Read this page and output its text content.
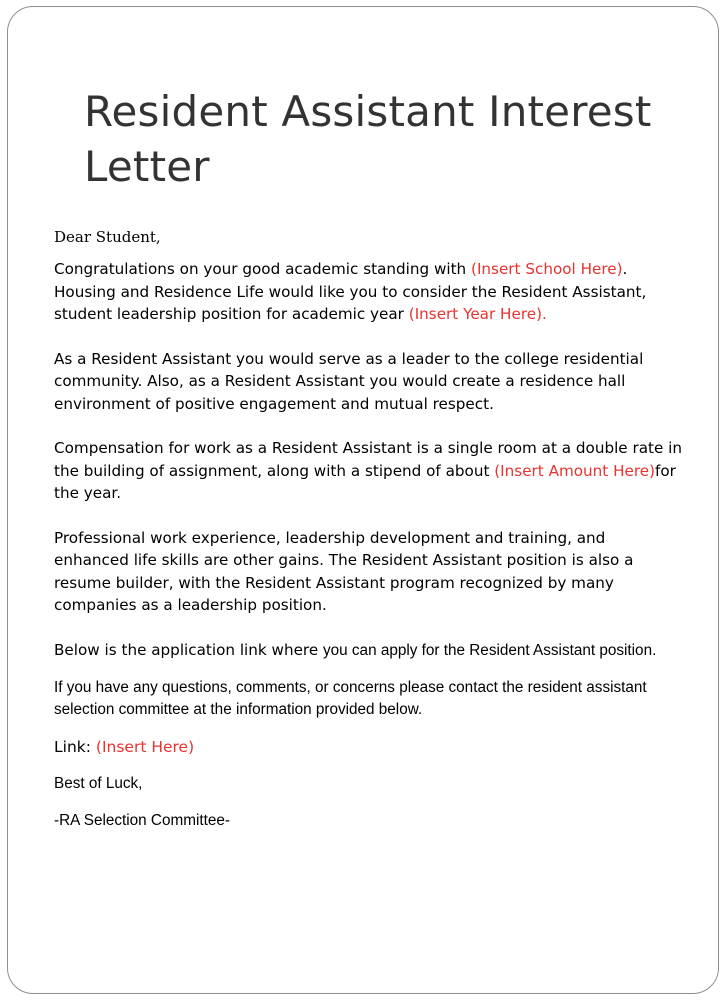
Resident Assistant Interest Letter

Dear Student,

Congratulations on your good academic standing with (Insert School Here). Housing and Residence Life would like you to consider the Resident Assistant, student leadership position for academic year (Insert Year Here).

As a Resident Assistant you would serve as a leader to the college residential community. Also, as a Resident Assistant you would create a residence hall environment of positive engagement and mutual respect.

Compensation for work as a Resident Assistant is a single room at a double rate in the building of assignment, along with a stipend of about (Insert Amount Here)for the year.

Professional work experience, leadership development and training, and enhanced life skills are other gains. The Resident Assistant position is also a resume builder, with the Resident Assistant program recognized by many companies as a leadership position.

Below is the application link where you can apply for the Resident Assistant position.

If you have any questions, comments, or concerns please contact the resident assistant selection committee at the information provided below.

Link: (Insert Here)

Best of Luck,

-RA Selection Committee-
